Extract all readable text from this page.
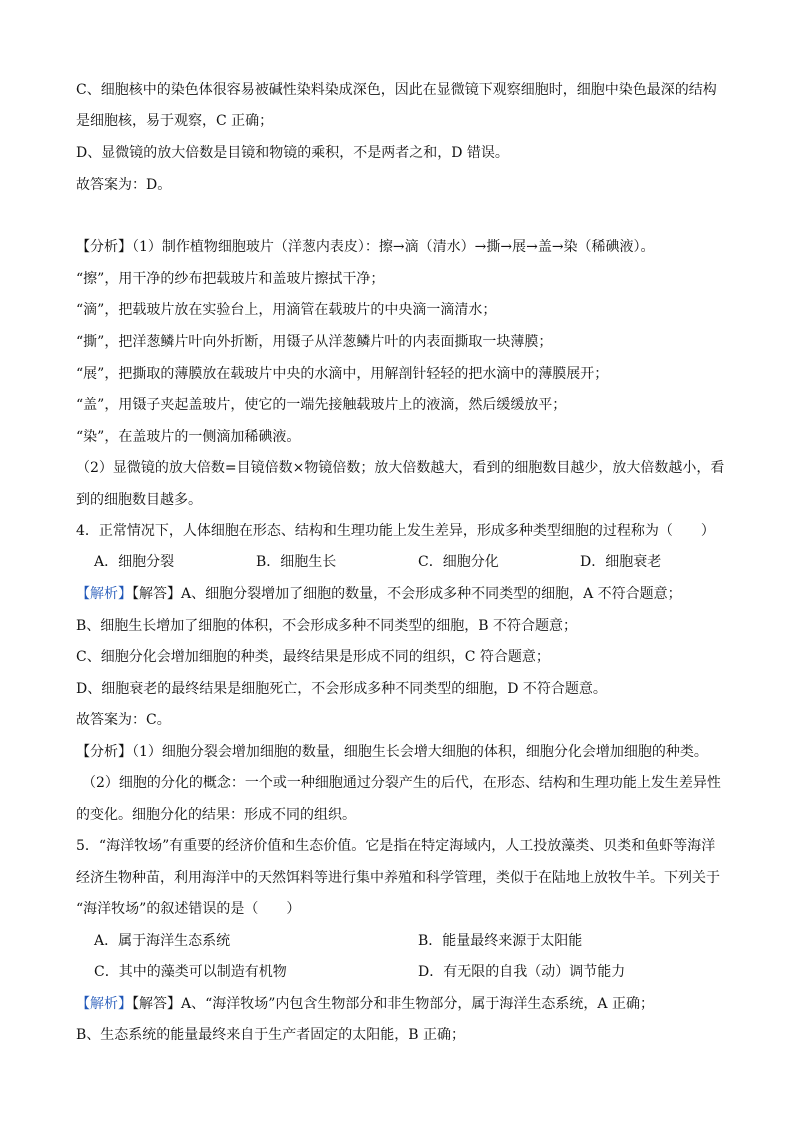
C、细胞核中的染色体很容易被碱性染料染成深色，因此在显微镜下观察细胞时，细胞中染色最深的结构
是细胞核，易于观察，C 正确；
D、显微镜的放大倍数是目镜和物镜的乘积，不是两者之和，D 错误。
故答案为：D。
【分析】（1）制作植物细胞玻片（洋葱内表皮）：擦→滴（清水）→撕→展→盖→染（稀碘液）。
“擦”，用干净的纱布把载玻片和盖玻片擦拭干净；
“滴”，把载玻片放在实验台上，用滴管在载玻片的中央滴一滴清水；
“撕”，把洋葱鳞片叶向外折断，用镊子从洋葱鳞片叶的内表面撕取一块薄膜；
“展”，把撕取的薄膜放在载玻片中央的水滴中，用解剖针轻轻的把水滴中的薄膜展开；
“盖”，用镊子夹起盖玻片，使它的一端先接触载玻片上的液滴，然后缓缓放平；
“染”，在盖玻片的一侧滴加稀碘液。
（2）显微镜的放大倍数=目镜倍数×物镜倍数；放大倍数越大，看到的细胞数目越少，放大倍数越小，看
到的细胞数目越多。
4．正常情况下，人体细胞在形态、结构和生理功能上发生差异，形成多种类型细胞的过程称为（　　）
A．细胞分裂	B．细胞生长	C．细胞分化	D．细胞衰老
【解析】【解答】A、细胞分裂增加了细胞的数量，不会形成多种不同类型的细胞，A 不符合题意；
B、细胞生长增加了细胞的体积，不会形成多种不同类型的细胞，B 不符合题意；
C、细胞分化会增加细胞的种类，最终结果是形成不同的组织，C 符合题意；
D、细胞衰老的最终结果是细胞死亡，不会形成多种不同类型的细胞，D 不符合题意。
故答案为：C。
【分析】（1）细胞分裂会增加细胞的数量，细胞生长会增大细胞的体积，细胞分化会增加细胞的种类。
（2）细胞的分化的概念：一个或一种细胞通过分裂产生的后代，在形态、结构和生理功能上发生差异性
的变化。细胞分化的结果：形成不同的组织。
5．“海洋牧场”有重要的经济价值和生态价值。它是指在特定海域内，人工投放藻类、贝类和鱼虾等海洋
经济生物种苗，利用海洋中的天然饵料等进行集中养殖和科学管理，类似于在陆地上放牧牛羊。下列关于
“海洋牧场”的叙述错误的是（　　）
A．属于海洋生态系统	B．能量最终来源于太阳能
C．其中的藻类可以制造有机物	D．有无限的自我（动）调节能力
【解析】【解答】A、“海洋牧场”内包含生物部分和非生物部分，属于海洋生态系统，A 正确；
B、生态系统的能量最终来自于生产者固定的太阳能，B 正确；
